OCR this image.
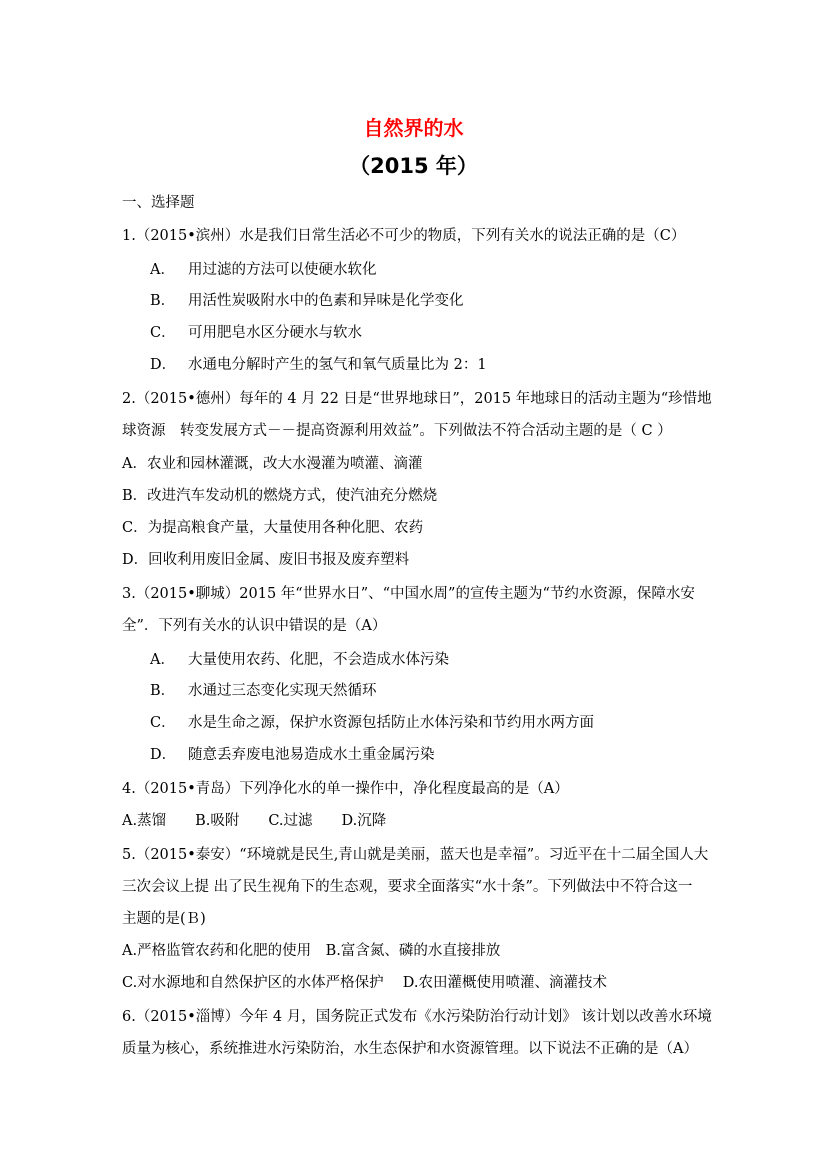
自然界的水
（2015 年）
一、选择题
1.（2015•滨州）水是我们日常生活必不可少的物质，下列有关水的说法正确的是（C）
A． 用过滤的方法可以使硬水软化
B． 用活性炭吸附水中的色素和异味是化学变化
C． 可用肥皂水区分硬水与软水
D． 水通电分解时产生的氢气和氧气质量比为 2：1
2.（2015•德州）每年的 4 月 22 日是“世界地球日”，2015 年地球日的活动主题为“珍惜地
球资源　转变发展方式－－提高资源利用效益”。下列做法不符合活动主题的是（ C ）
A．农业和园林灌溉，改大水漫灌为喷灌、滴灌
B．改进汽车发动机的燃烧方式，使汽油充分燃烧
C．为提高粮食产量，大量使用各种化肥、农药
D．回收利用废旧金属、废旧书报及废弃塑料
3.（2015•聊城）2015 年“世界水日”、“中国水周”的宣传主题为“节约水资源，保障水安
全”．下列有关水的认识中错误的是（A）
A． 大量使用农药、化肥，不会造成水体污染
B． 水通过三态变化实现天然循环
C． 水是生命之源，保护水资源包括防止水体污染和节约用水两方面
D． 随意丢弃废电池易造成水土重金属污染
4.（2015•青岛）下列净化水的单一操作中，净化程度最高的是（A）
A.蒸馏　　B.吸附　　C.过滤　　D.沉降
5.（2015•泰安）“环境就是民生,青山就是美丽，蓝天也是幸福”。习近平在十二届全国人大
三次会议上提 出了民生视角下的生态观，要求全面落实“水十条”。下列做法中不符合这一
主题的是(Ｂ)
A.严格监管农药和化肥的使用　B.富含氮、磷的水直接排放
C.对水源地和自然保护区的水体严格保护　 D.农田灌概使用喷灌、滴灌技术
6.（2015•淄博）今年 4 月，国务院正式发布《水污染防治行动计划》 该计划以改善水环境
质量为核心，系统推进水污染防治，水生态保护和水资源管理。以下说法不正确的是（A）
